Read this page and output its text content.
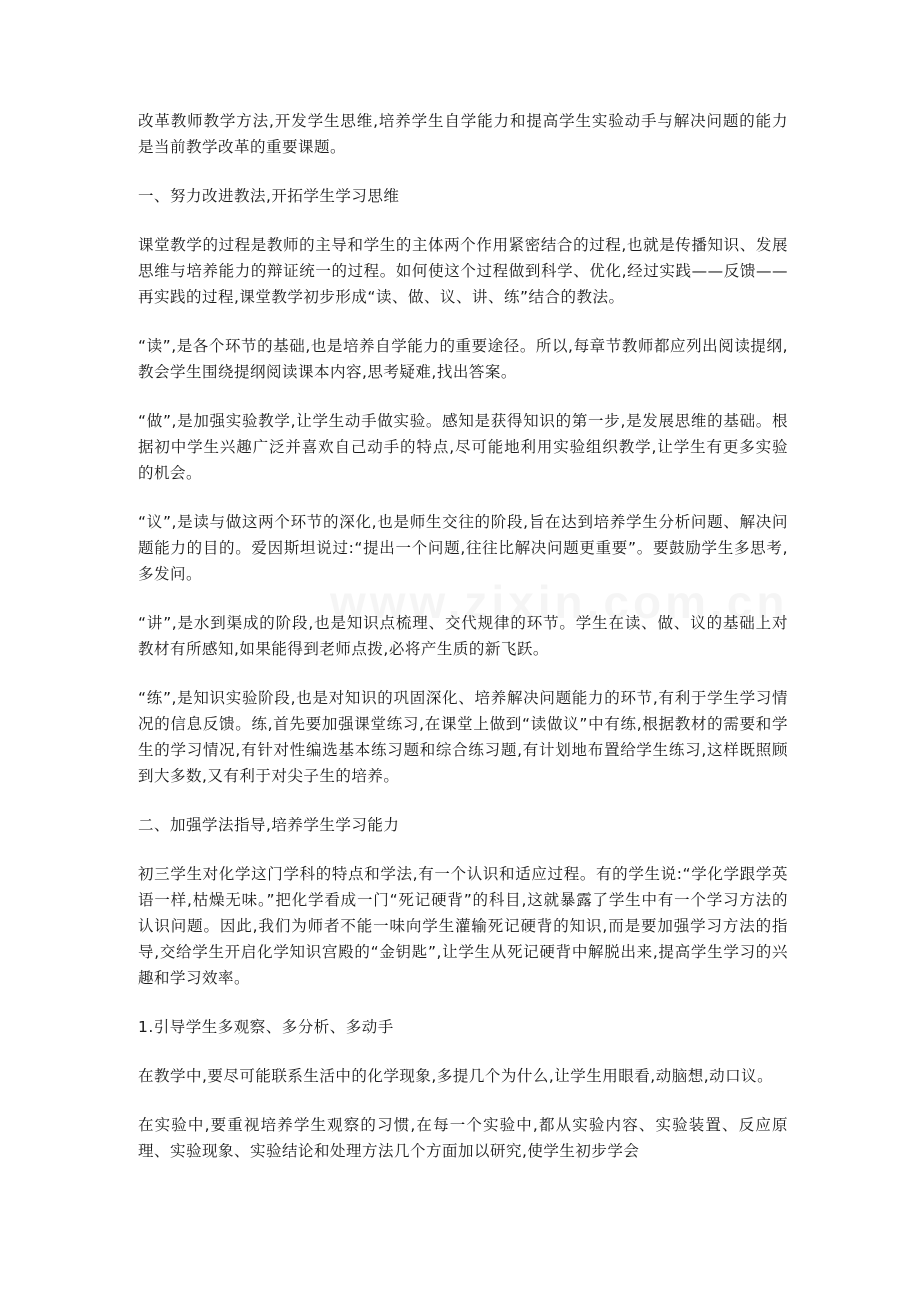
改革教师教学方法,开发学生思维,培养学生自学能力和提高学生实验动手与解决问题的能力是当前教学改革的重要课题。

一、努力改进教法,开拓学生学习思维

课堂教学的过程是教师的主导和学生的主体两个作用紧密结合的过程,也就是传播知识、发展思维与培养能力的辩证统一的过程。如何使这个过程做到科学、优化,经过实践——反馈——再实践的过程,课堂教学初步形成“读、做、议、讲、练”结合的教法。

“读”,是各个环节的基础,也是培养自学能力的重要途径。所以,每章节教师都应列出阅读提纲,教会学生围绕提纲阅读课本内容,思考疑难,找出答案。

“做”,是加强实验教学,让学生动手做实验。感知是获得知识的第一步,是发展思维的基础。根据初中学生兴趣广泛并喜欢自己动手的特点,尽可能地利用实验组织教学,让学生有更多实验的机会。

“议”,是读与做这两个环节的深化,也是师生交往的阶段,旨在达到培养学生分析问题、解决问题能力的目的。爱因斯坦说过:“提出一个问题,往往比解决问题更重要”。要鼓励学生多思考,多发问。

“讲”,是水到渠成的阶段,也是知识点梳理、交代规律的环节。学生在读、做、议的基础上对教材有所感知,如果能得到老师点拨,必将产生质的新飞跃。

“练”,是知识实验阶段,也是对知识的巩固深化、培养解决问题能力的环节,有利于学生学习情况的信息反馈。练,首先要加强课堂练习,在课堂上做到“读做议”中有练,根据教材的需要和学生的学习情况,有针对性编选基本练习题和综合练习题,有计划地布置给学生练习,这样既照顾到大多数,又有利于对尖子生的培养。

二、加强学法指导,培养学生学习能力

初三学生对化学这门学科的特点和学法,有一个认识和适应过程。有的学生说:“学化学跟学英语一样,枯燥无味。”把化学看成一门“死记硬背”的科目,这就暴露了学生中有一个学习方法的认识问题。因此,我们为师者不能一味向学生灌输死记硬背的知识,而是要加强学习方法的指导,交给学生开启化学知识宫殿的“金钥匙”,让学生从死记硬背中解脱出来,提高学生学习的兴趣和学习效率。

1.引导学生多观察、多分析、多动手

在教学中,要尽可能联系生活中的化学现象,多提几个为什么,让学生用眼看,动脑想,动口议。

在实验中,要重视培养学生观察的习惯,在每一个实验中,都从实验内容、实验装置、反应原理、实验现象、实验结论和处理方法几个方面加以研究,使学生初步学会
